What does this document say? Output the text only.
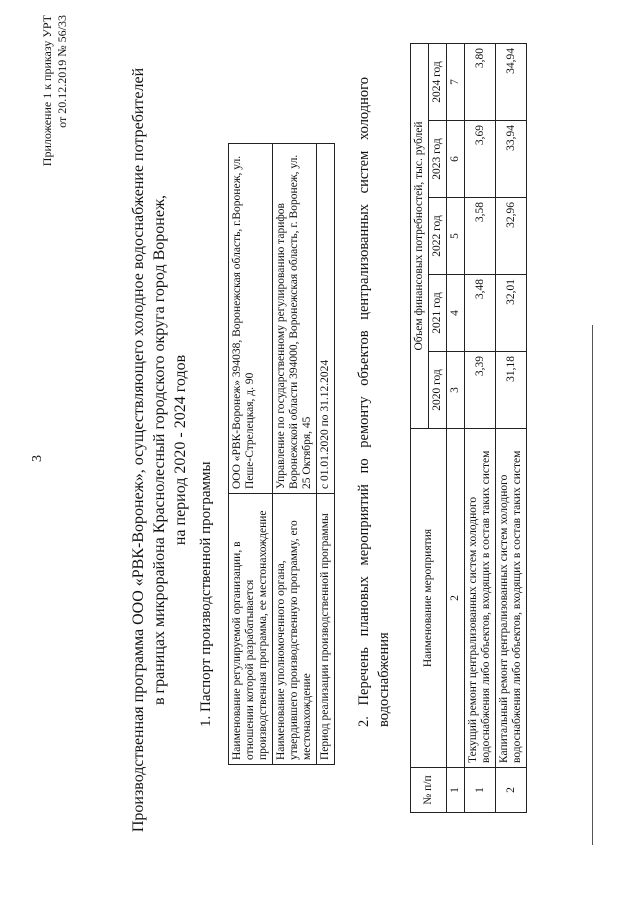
3
Приложение 1 к приказу УРТ от 20.12.2019 № 56/33	Производственная программа ООО «РВК-Воронеж», осуществляющего холодное водоснабжение потребителей в границах микрорайона Краснолесный городского округа город Воронеж, на период 2020 - 2024 годов
1. Паспорт производственной программы Наименование регулируемой организации, в отношении которой разрабатывается производственная программа, ее местонахождение	ООО «РВК-Воронеж» 394038, Воронежская область, г.Воронеж, ул. Пеше-Стрелецкая, д. 90
Наименование уполномоченного органа, утвердившего производственную программу, его местонахождение	Управление по государственному регулированию тарифов Воронежской области 394000, Воронежская область, г. Воронеж, ул. 25 Октября, 45
Период реализации производственной программы	с 01.01.2020 по 31.12.2024 2. Перечень плановых мероприятий по ремонту объектов централизованных систем холодного водоснабжения
№ п/п	Наименование мероприятия	Объем финансовых потребностей, тыс. рублей				
		2020 год	2021 год	2022 год	2023 год	2024 год
1	2	3	4	5	6	7
1	Текущий ремонт централизованных систем холодного водоснабжения либо объектов, входящих в состав таких систем	3,39	3,48	3,58	3,69	3,80
2	Капитальный ремонт централизованных систем холодного водоснабжения либо объектов, входящих в состав таких систем	31,18	32,01	32,96	33,94	34,94
